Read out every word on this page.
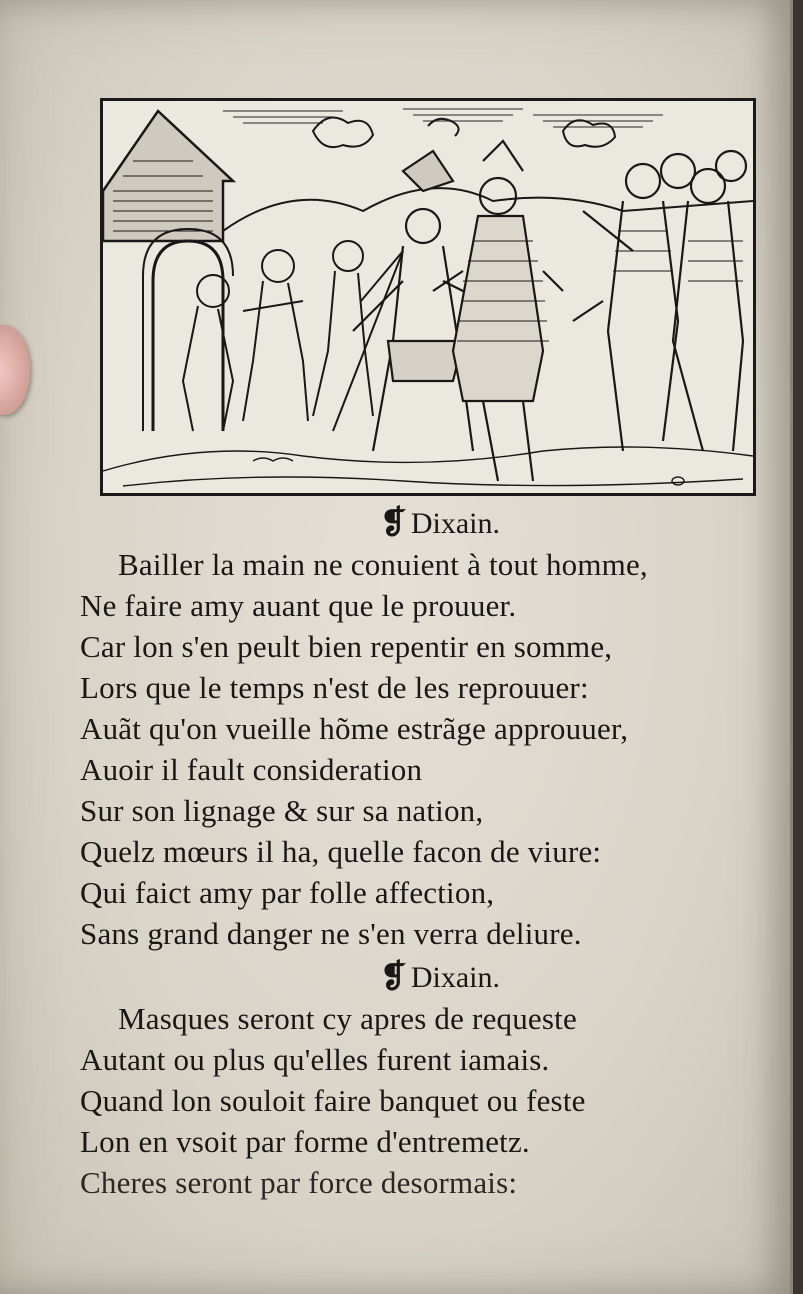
❡ Dixain.
Bailler la main ne conuient à tout homme,
Ne faire amy auant que le prouuer.
Car lon s'en peult bien repentir en somme,
Lors que le temps n'est de les reprouuer:
Auãt qu'on vueille hõme estrãge approuuer,
Auoir il fault consideration
Sur son lignage & sur sa nation,
Quelz mœurs il ha, quelle facon de viure:
Qui faict amy par folle affection,
Sans grand danger ne s'en verra deliure.
❡ Dixain.
Masques seront cy apres de requeste
Autant ou plus qu'elles furent iamais.
Quand lon souloit faire banquet ou feste
Lon en vsoit par forme d'entremetz.
Cheres seront par force desormais:
